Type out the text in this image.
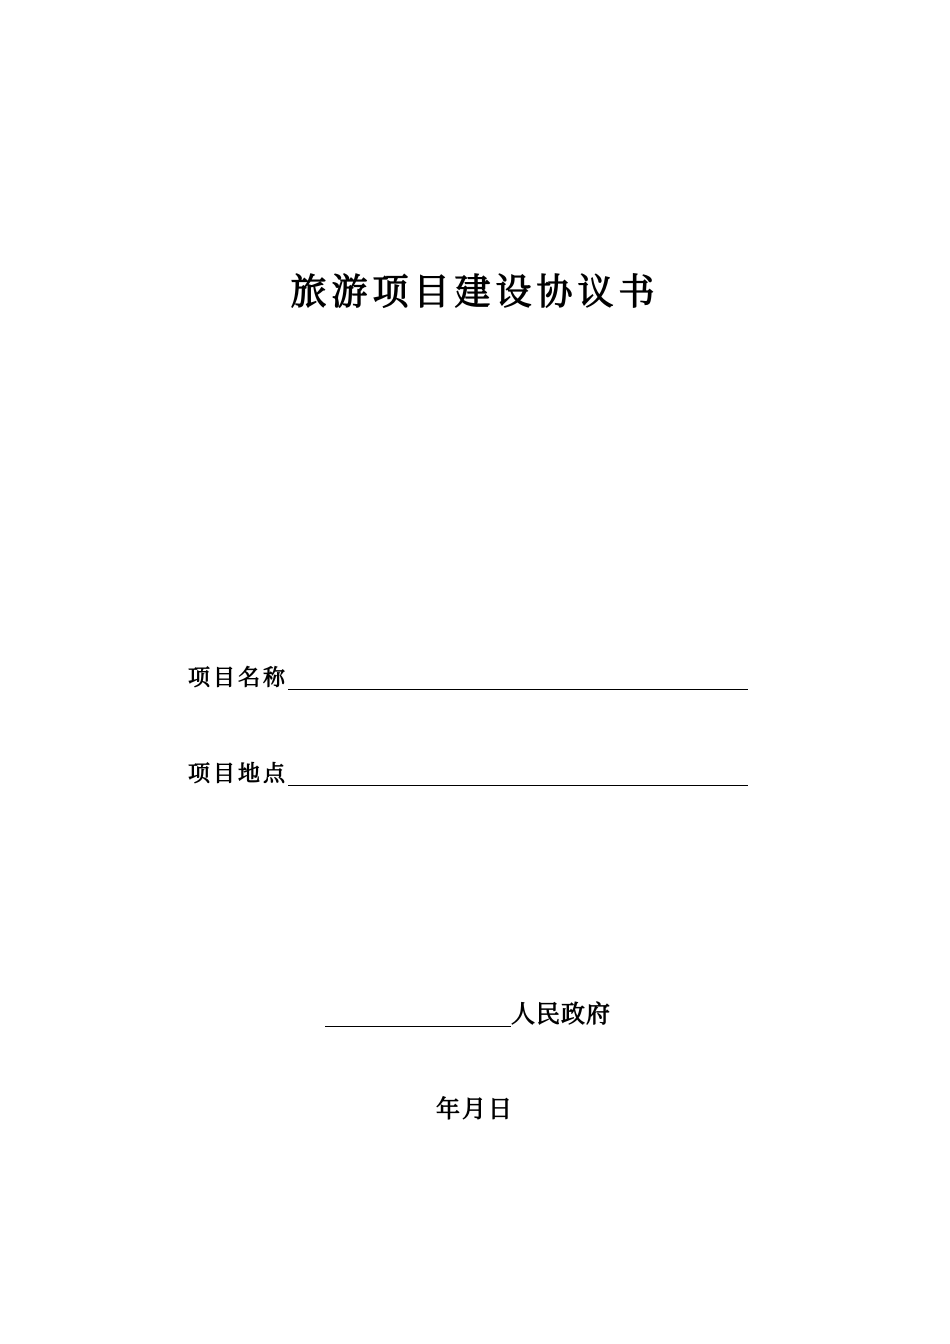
旅游项目建设协议书
项目名称
项目地点
人民政府
年月日
